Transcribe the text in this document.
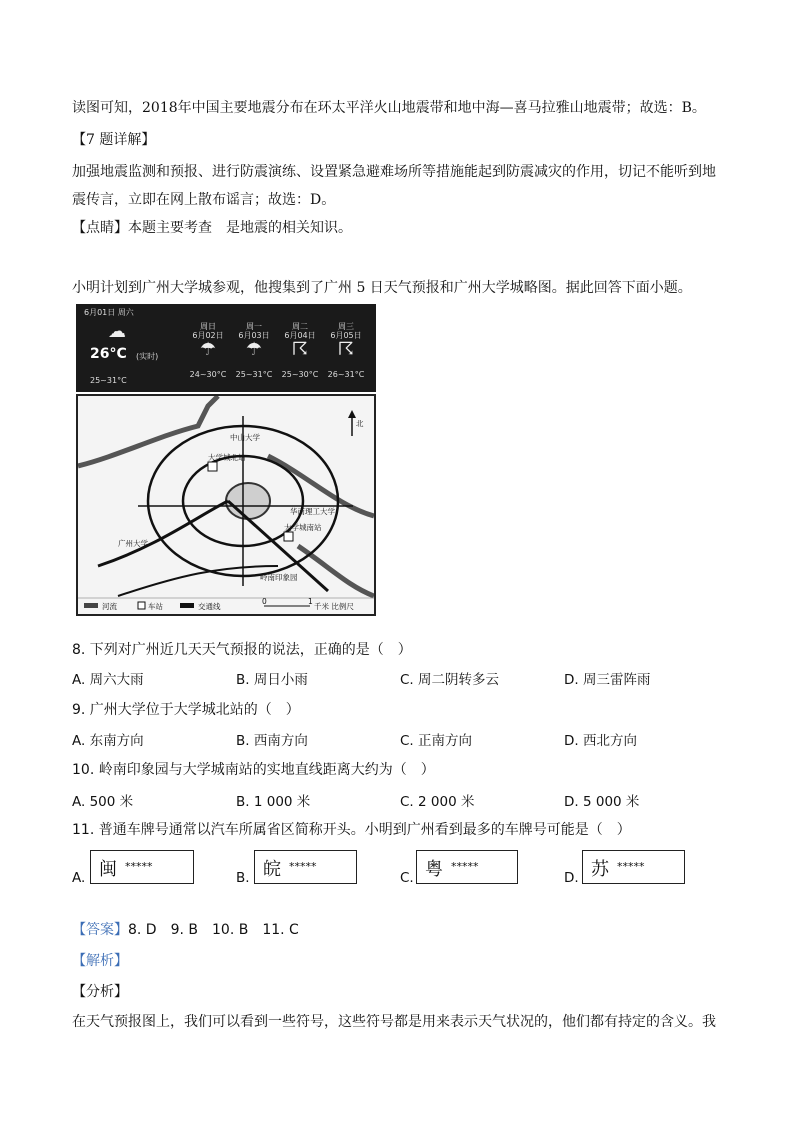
读图可知，2018年中国主要地震分布在环太平洋火山地震带和地中海—喜马拉雅山地震带；故选：B。
【7 题详解】
加强地震监测和预报、进行防震演练、设置紧急避难场所等措施能起到防震减灾的作用，切记不能听到地
震传言，立即在网上散布谣言；故选：D。
【点睛】本题主要考查　是地震的相关知识。
小明计划到广州大学城参观，他搜集到了广州 5 日天气预报和广州大学城略图。据此回答下面小题。
6月01日 周六
☁
26°C (实时)
25~31°C
周日
6月02日
☂
24~30°C
周一
6月03日
☂
25~31°C
周二
6月04日
☈
25~30°C
周三
6月05日
☈
26~31°C
北
中山大学
大学城北站
华南理工大学
大学城南站
广州大学
岭南印象园
河流	车站	交通线
0	1
千米 比例尺
8. 下列对广州近几天天气预报的说法，正确的是（　）
A. 周六大雨	B. 周日小雨	C. 周二阴转多云	D. 周三雷阵雨
9. 广州大学位于大学城北站的（　）
A. 东南方向	B. 西南方向	C. 正南方向	D. 西北方向
10. 岭南印象园与大学城南站的实地直线距离大约为（　）
A. 500 米	B. 1 000 米	C. 2 000 米	D. 5 000 米
11. 普通车牌号通常以汽车所属省区简称开头。小明到广州看到最多的车牌号可能是（　）
A. 闽 *****
B. 皖 *****
C. 粤 *****
D. 苏 *****
【答案】8. D　9. B　10. B　11. C
【解析】
【分析】
在天气预报图上，我们可以看到一些符号，这些符号都是用来表示天气状况的，他们都有持定的含义。我
